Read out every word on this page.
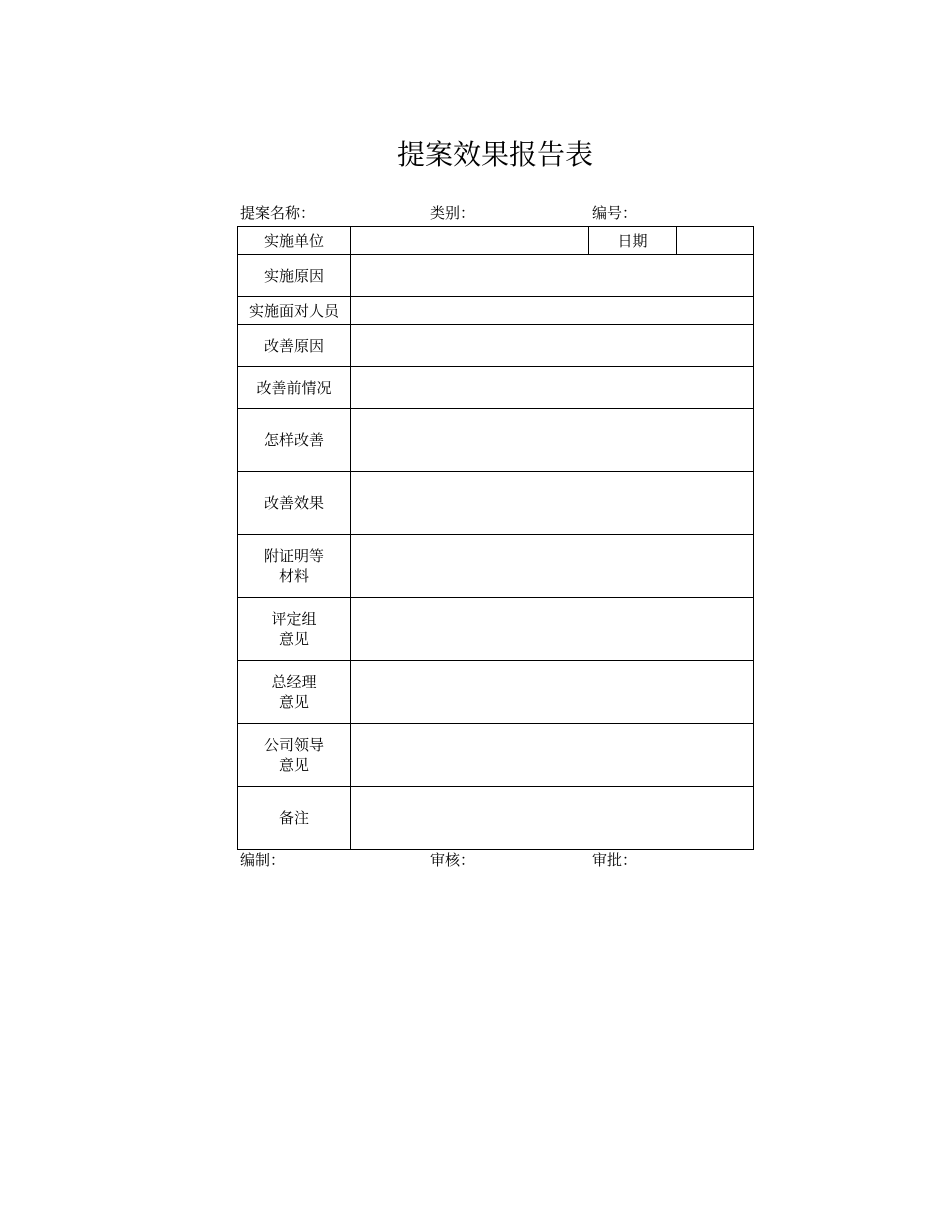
提案效果报告表
提案名称：	类别：	编号：
实施单位		日期	

实施原因			

实施面对人员			

改善原因			

改善前情况			

怎样改善			

改善效果			

附证明等
材料			

评定组
意见			

总经理
意见			

公司领导
意见			

备注			

编制：	审核：	审批：
